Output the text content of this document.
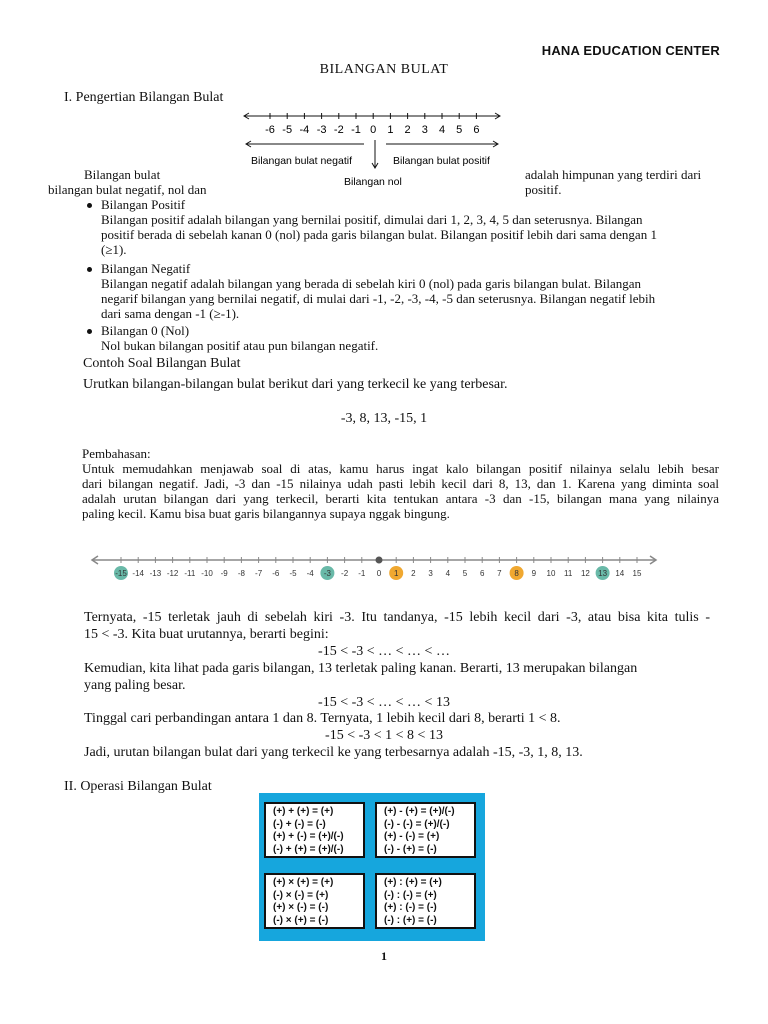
HANA EDUCATION CENTER
BILANGAN BULAT
I. Pengertian Bilangan Bulat
-6 -5 -4 -3 -2 -1 0 1 2 3 4 5 6
Bilangan bulat negatif	Bilangan bulat positif
Bilangan nol
Bilangan bulat
bilangan bulat negatif, nol dan
adalah himpunan yang terdiri dari
positif.
Bilangan Positif
Bilangan positif adalah bilangan yang bernilai positif, dimulai dari 1, 2, 3, 4, 5 dan seterusnya. Bilangan
positif berada di sebelah kanan 0 (nol) pada garis bilangan bulat. Bilangan positif lebih dari sama dengan 1
(≥1).
Bilangan Negatif
Bilangan negatif adalah bilangan yang berada di sebelah kiri 0 (nol) pada garis bilangan bulat. Bilangan
negarif bilangan yang bernilai negatif, di mulai dari -1, -2, -3, -4, -5 dan seterusnya. Bilangan negatif lebih
dari sama dengan -1 (≥-1).
Bilangan 0 (Nol)
Nol bukan bilangan positif atau pun bilangan negatif.
Contoh Soal Bilangan Bulat
Urutkan bilangan-bilangan bulat berikut dari yang terkecil ke yang terbesar.
-3, 8, 13, -15, 1
Pembahasan:
Untuk memudahkan menjawab soal di atas, kamu harus ingat kalo bilangan positif nilainya selalu lebih besar
dari bilangan negatif. Jadi, -3 dan -15 nilainya udah pasti lebih kecil dari 8, 13, dan 1. Karena yang diminta soal
adalah urutan bilangan dari yang terkecil, berarti kita tentukan antara -3 dan -15, bilangan mana yang nilainya
paling kecil. Kamu bisa buat garis bilangannya supaya nggak bingung.
-15 -14 -13 -12 -11 -10 -9 -8 -7 -6 -5 -4 -3 -2 -1 0 1 2 3 4 5 6 7 8 9 10 11 12 13 14 15
Ternyata, -15 terletak jauh di sebelah kiri -3. Itu tandanya, -15 lebih kecil dari -3, atau bisa kita tulis -
15 < -3. Kita buat urutannya, berarti begini:
-15 < -3 < … < … < …
Kemudian, kita lihat pada garis bilangan, 13 terletak paling kanan. Berarti, 13 merupakan bilangan
yang paling besar.
-15 < -3 < … < … < 13
Tinggal cari perbandingan antara 1 dan 8. Ternyata, 1 lebih kecil dari 8, berarti 1 < 8.
-15 < -3 < 1 < 8 < 13
Jadi, urutan bilangan bulat dari yang terkecil ke yang terbesarnya adalah -15, -3, 1, 8, 13.
II. Operasi Bilangan Bulat
(+) + (+) = (+)
(-) + (-) = (-)
(+) + (-) = (+)/(-)
(-) + (+) = (+)/(-)
(+) - (+) = (+)/(-)
(-) - (-) = (+)/(-)
(+) - (-) = (+)
(-) - (+) = (-)
(+) × (+) = (+)
(-) × (-) = (+)
(+) × (-) = (-)
(-) × (+) = (-)
(+) : (+) = (+)
(-) : (-) = (+)
(+) : (-) = (-)
(-) : (+) = (-)
1
